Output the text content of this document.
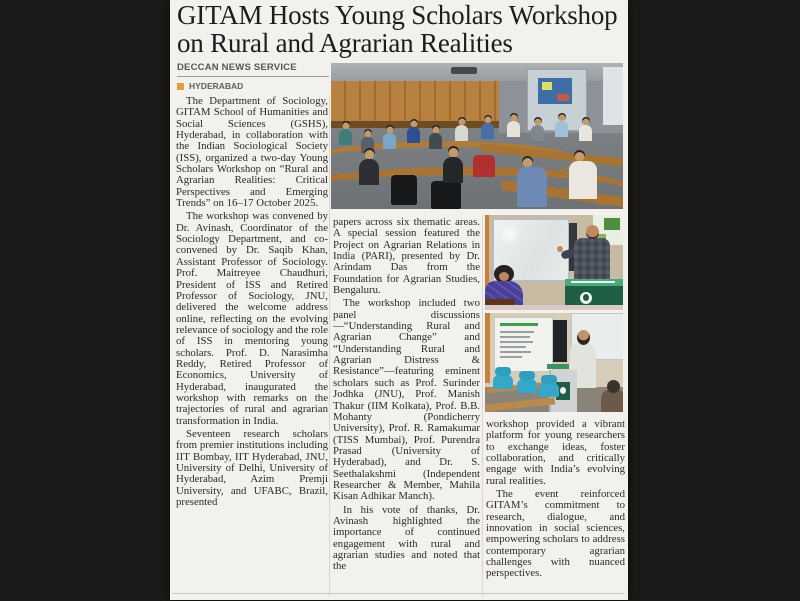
GITAM Hosts Young Scholars Workshop on Rural and Agrarian Realities
DECCAN NEWS SERVICE
HYDERABAD

The Department of Sociology, GITAM School of Humanities and Social Sciences (GSHS), Hyderabad, in collaboration with the Indian Sociological Society (ISS), organized a two-day Young Scholars Workshop on “Rural and Agrarian Realities: Critical Perspectives and Emerging Trends” on 16–17 October 2025.

The workshop was convened by Dr. Avinash, Coordinator of the Sociology Department, and co-convened by Dr. Saqib Khan, Assistant Professor of Sociology. Prof. Maitreyee Chaudhuri, President of ISS and Retired Professor of Sociology, JNU, delivered the welcome address online, reflecting on the evolving relevance of sociology and the role of ISS in mentoring young scholars. Prof. D. Narasimha Reddy, Retired Professor of Economics, University of Hyderabad, inaugurated the workshop with remarks on the trajectories of rural and agrarian transformation in India.

Seventeen research scholars from premier institutions including IIT Bombay, IIT Hyderabad, JNU, University of Delhi, University of Hyderabad, Azim Premji University, and UFABC, Brazil, presented

papers across six thematic areas. A special session featured the Project on Agrarian Relations in India (PARI), presented by Dr. Arindam Das from the Foundation for Agrarian Studies, Bengaluru.

The workshop included two panel discussions—“Understanding Rural and Agrarian Change” and “Understanding Rural and Agrarian Distress & Resistance”—featuring eminent scholars such as Prof. Surinder Jodhka (JNU), Prof. Manish Thakur (IIM Kolkata), Prof. B.B. Mohanty (Pondicherry University), Prof. R. Ramakumar (TISS Mumbai), Prof. Purendra Prasad (University of Hyderabad), and Dr. S. Seethalakshmi (Independent Researcher & Member, Mahila Kisan Adhikar Manch).

In his vote of thanks, Dr. Avinash highlighted the importance of continued engagement with rural and agrarian studies and noted that the

workshop provided a vibrant platform for young researchers to exchange ideas, foster collaboration, and critically engage with India’s evolving rural realities.

The event reinforced GITAM’s commitment to research, dialogue, and innovation in social sciences, empowering scholars to address contemporary agrarian challenges with nuanced perspectives.
